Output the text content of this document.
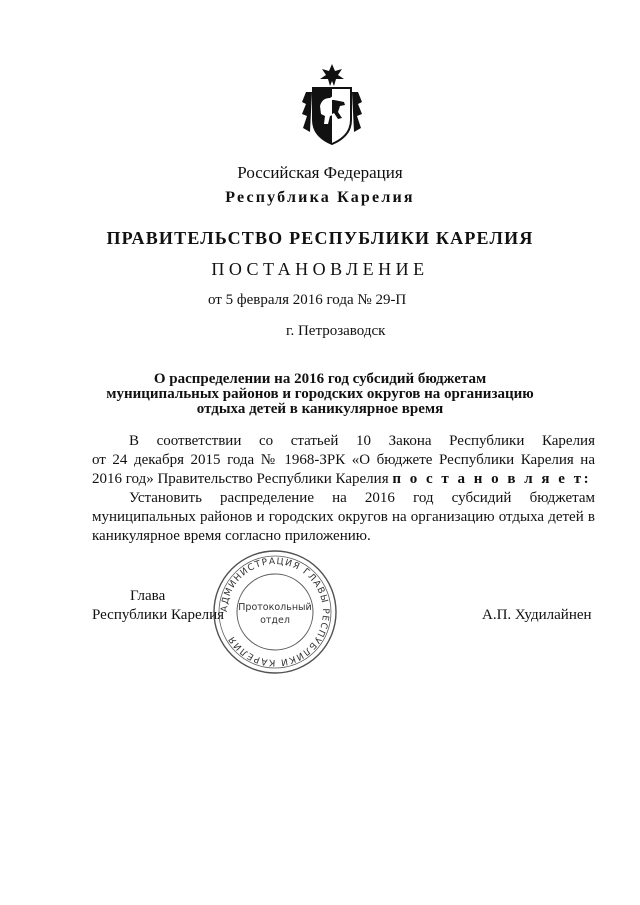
Российская Федерация
Республика Карелия
ПРАВИТЕЛЬСТВО РЕСПУБЛИКИ КАРЕЛИЯ
ПОСТАНОВЛЕНИЕ
от 5 февраля 2016 года № 29-П
г. Петрозаводск
О распределении на 2016 год субсидий бюджетам
муниципальных районов и городских округов на организацию
отдыха детей в каникулярное время
В соответствии со статьей 10 Закона Республики Карелия
от 24 декабря 2015 года № 1968-ЗРК «О бюджете Республики Карелия на
2016 год» Правительство Республики Карелия п о с т а н о в л я е т:
Установить распределение на 2016 год субсидий бюджетам
муниципальных районов и городских округов на организацию отдыха детей в
каникулярное время согласно приложению.
Глава
Республики Карелия	А.П. Худилайнен
АДМИНИСТРАЦИЯ ГЛАВЫ РЕСПУБЛИКИ КАРЕЛИЯ
Протокольный
отдел
